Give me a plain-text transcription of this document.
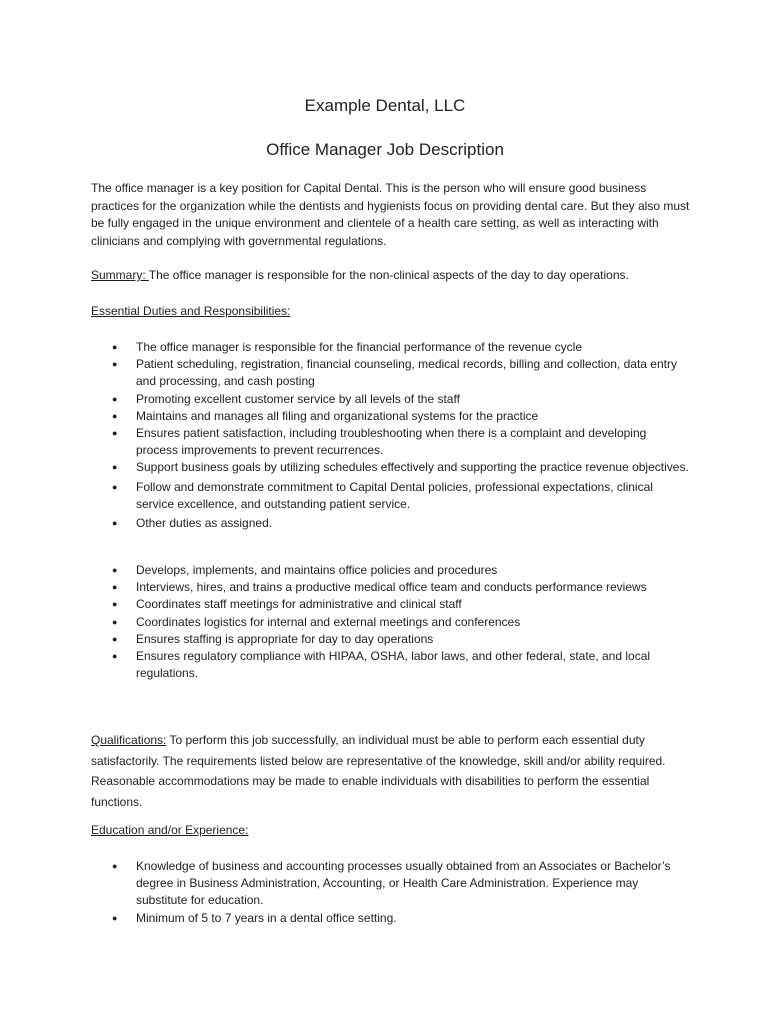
Example Dental, LLC
Office Manager Job Description
The office manager is a key position for Capital Dental. This is the person who will ensure good business practices for the organization while the dentists and hygienists focus on providing dental care. But they also must be fully engaged in the unique environment and clientele of a health care setting, as well as interacting with clinicians and complying with governmental regulations.
Summary: The office manager is responsible for the non-clinical aspects of the day to day operations.
Essential Duties and Responsibilities:
● The office manager is responsible for the financial performance of the revenue cycle
● Patient scheduling, registration, financial counseling, medical records, billing and collection, data entry and processing, and cash posting
● Promoting excellent customer service by all levels of the staff
● Maintains and manages all filing and organizational systems for the practice
● Ensures patient satisfaction, including troubleshooting when there is a complaint and developing process improvements to prevent recurrences.
● Support business goals by utilizing schedules effectively and supporting the practice revenue objectives.
● Follow and demonstrate commitment to Capital Dental policies, professional expectations, clinical service excellence, and outstanding patient service.
● Other duties as assigned.
● Develops, implements, and maintains office policies and procedures
● Interviews, hires, and trains a productive medical office team and conducts performance reviews
● Coordinates staff meetings for administrative and clinical staff
● Coordinates logistics for internal and external meetings and conferences
● Ensures staffing is appropriate for day to day operations
● Ensures regulatory compliance with HIPAA, OSHA, labor laws, and other federal, state, and local regulations.
Qualifications: To perform this job successfully, an individual must be able to perform each essential duty satisfactorily. The requirements listed below are representative of the knowledge, skill and/or ability required. Reasonable accommodations may be made to enable individuals with disabilities to perform the essential functions.
Education and/or Experience:
● Knowledge of business and accounting processes usually obtained from an Associates or Bachelor’s degree in Business Administration, Accounting, or Health Care Administration. Experience may substitute for education.
● Minimum of 5 to 7 years in a dental office setting.
